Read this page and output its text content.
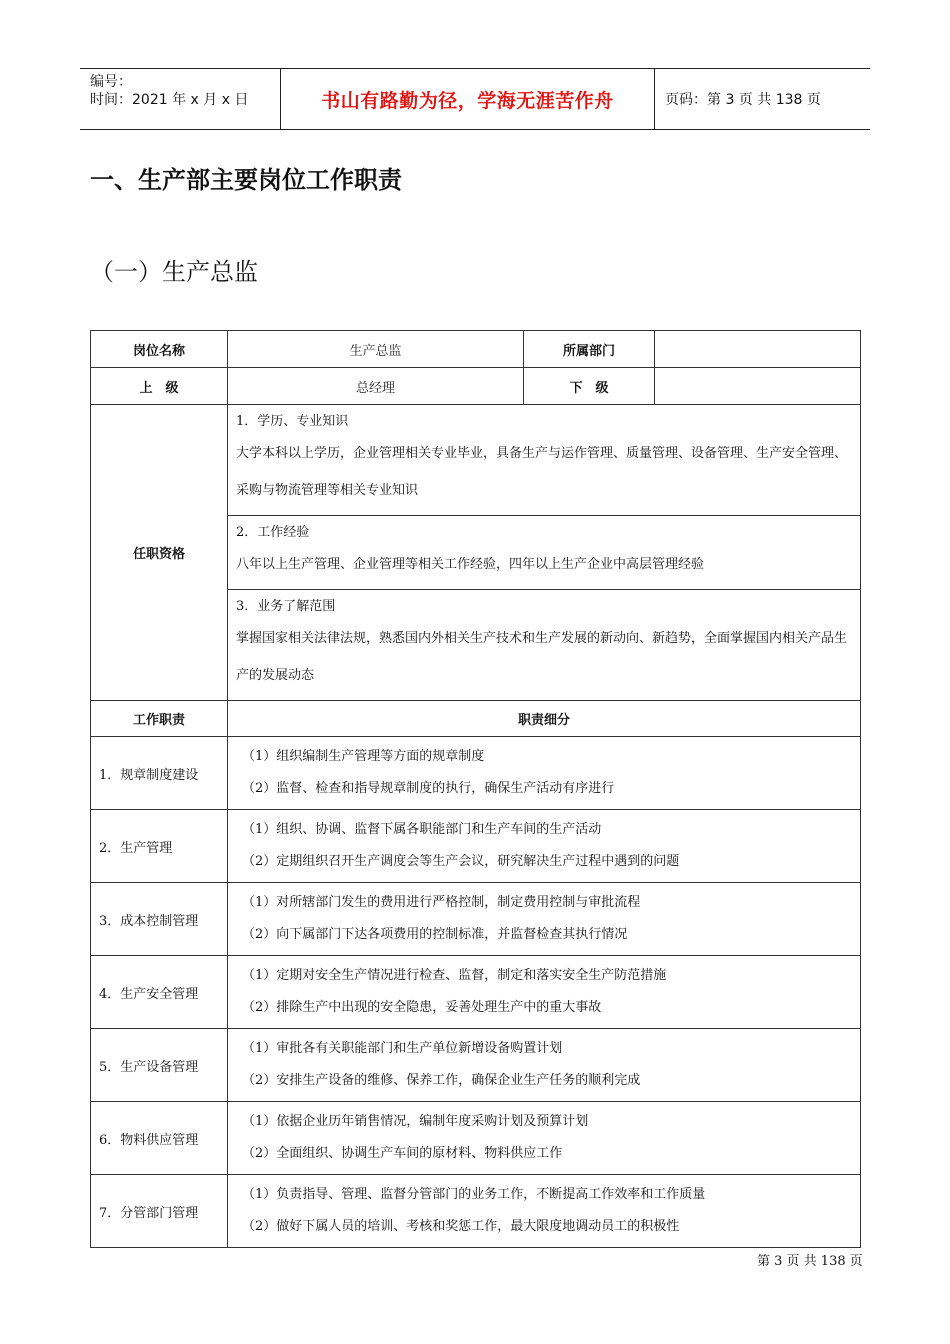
编号：
时间：2021 年 x 月 x 日	书山有路勤为径，学海无涯苦作舟	页码：第 3 页 共 138 页
一、生产部主要岗位工作职责
（一）生产总监
岗位名称	生产总监	所属部门	
上　级	总经理	下　级	
任职资格	1．学历、专业知识
大学本科以上学历，企业管理相关专业毕业，具备生产与运作管理、质量管理、设备管理、生产安全管理、采购与物流管理等相关专业知识		

	2．工作经验
八年以上生产管理、企业管理等相关工作经验，四年以上生产企业中高层管理经验		

	3．业务了解范围
掌握国家相关法律法规，熟悉国内外相关生产技术和生产发展的新动向、新趋势，全面掌握国内相关产品生产的发展动态		

工作职责	职责细分		
1．规章制度建设	（1）组织编制生产管理等方面的规章制度
（2）监督、检查和指导规章制度的执行，确保生产活动有序进行		

2．生产管理	（1）组织、协调、监督下属各职能部门和生产车间的生产活动
（2）定期组织召开生产调度会等生产会议，研究解决生产过程中遇到的问题		

3．成本控制管理	（1）对所辖部门发生的费用进行严格控制，制定费用控制与审批流程
（2）向下属部门下达各项费用的控制标准，并监督检查其执行情况		

4．生产安全管理	（1）定期对安全生产情况进行检查、监督，制定和落实安全生产防范措施
（2）排除生产中出现的安全隐患，妥善处理生产中的重大事故		

5．生产设备管理	（1）审批各有关职能部门和生产单位新增设备购置计划
（2）安排生产设备的维修、保养工作，确保企业生产任务的顺利完成		

6．物料供应管理	（1）依据企业历年销售情况，编制年度采购计划及预算计划
（2）全面组织、协调生产车间的原材料、物料供应工作		

7．分管部门管理	（1）负责指导、管理、监督分管部门的业务工作，不断提高工作效率和工作质量
（2）做好下属人员的培训、考核和奖惩工作，最大限度地调动员工的积极性		
第 3 页 共 138 页
